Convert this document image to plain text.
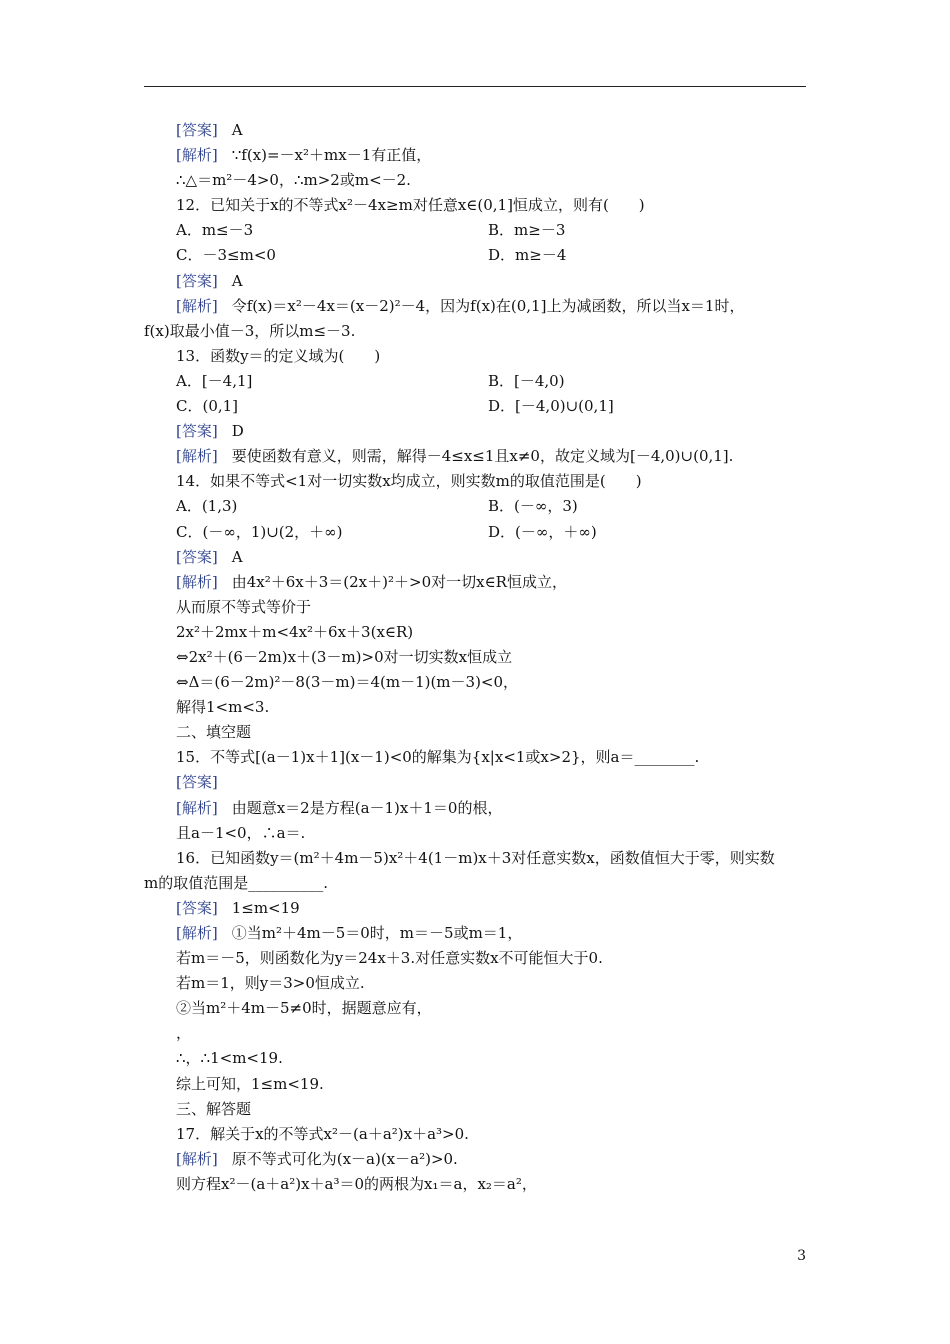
[答案] A
[解析] ∵f(x)=－x²＋mx－1有正值，
∴△＝m²－4>0，∴m>2或m<－2.
12．已知关于x的不等式x²－4x≥m对任意x∈(0,1]恒成立，则有(　　)
A．m≤－3	B．m≥－3
C．－3≤m<0	D．m≥－4
[答案] A
[解析] 令f(x)＝x²－4x＝(x－2)²－4，因为f(x)在(0,1]上为减函数，所以当x＝1时，
f(x)取最小值－3，所以m≤－3.
13．函数y＝的定义域为(　　)
A．[－4,1]	B．[－4,0)
C．(0,1]	D．[－4,0)∪(0,1]
[答案] D
[解析] 要使函数有意义，则需，解得－4≤x≤1且x≠0，故定义域为[－4,0)∪(0,1].
14．如果不等式<1对一切实数x均成立，则实数m的取值范围是(　　)
A．(1,3)	B．(－∞，3)
C．(－∞，1)∪(2，＋∞)	D．(－∞，＋∞)
[答案] A
[解析] 由4x²＋6x＋3＝(2x＋)²＋>0对一切x∈R恒成立，
从而原不等式等价于
2x²＋2mx＋m<4x²＋6x＋3(x∈R)
⇔2x²＋(6－2m)x＋(3－m)>0对一切实数x恒成立
⇔Δ＝(6－2m)²－8(3－m)＝4(m－1)(m－3)<0，
解得1<m<3.
二、填空题
15．不等式[(a－1)x＋1](x－1)<0的解集为{x|x<1或x>2}，则a＝________.
[答案]
[解析] 由题意x＝2是方程(a－1)x＋1＝0的根，
且a－1<0，∴a＝.
16．已知函数y＝(m²＋4m－5)x²＋4(1－m)x＋3对任意实数x，函数值恒大于零，则实数
m的取值范围是__________.
[答案] 1≤m<19
[解析] ①当m²＋4m－5＝0时，m＝－5或m＝1，
若m＝－5，则函数化为y＝24x＋3.对任意实数x不可能恒大于0.
若m＝1，则y＝3>0恒成立.
②当m²＋4m－5≠0时，据题意应有，
，
∴，∴1<m<19.
综上可知，1≤m<19.
三、解答题
17．解关于x的不等式x²－(a＋a²)x＋a³>0.
[解析] 原不等式可化为(x－a)(x－a²)>0.
则方程x²－(a＋a²)x＋a³＝0的两根为x₁＝a，x₂＝a²，
3
